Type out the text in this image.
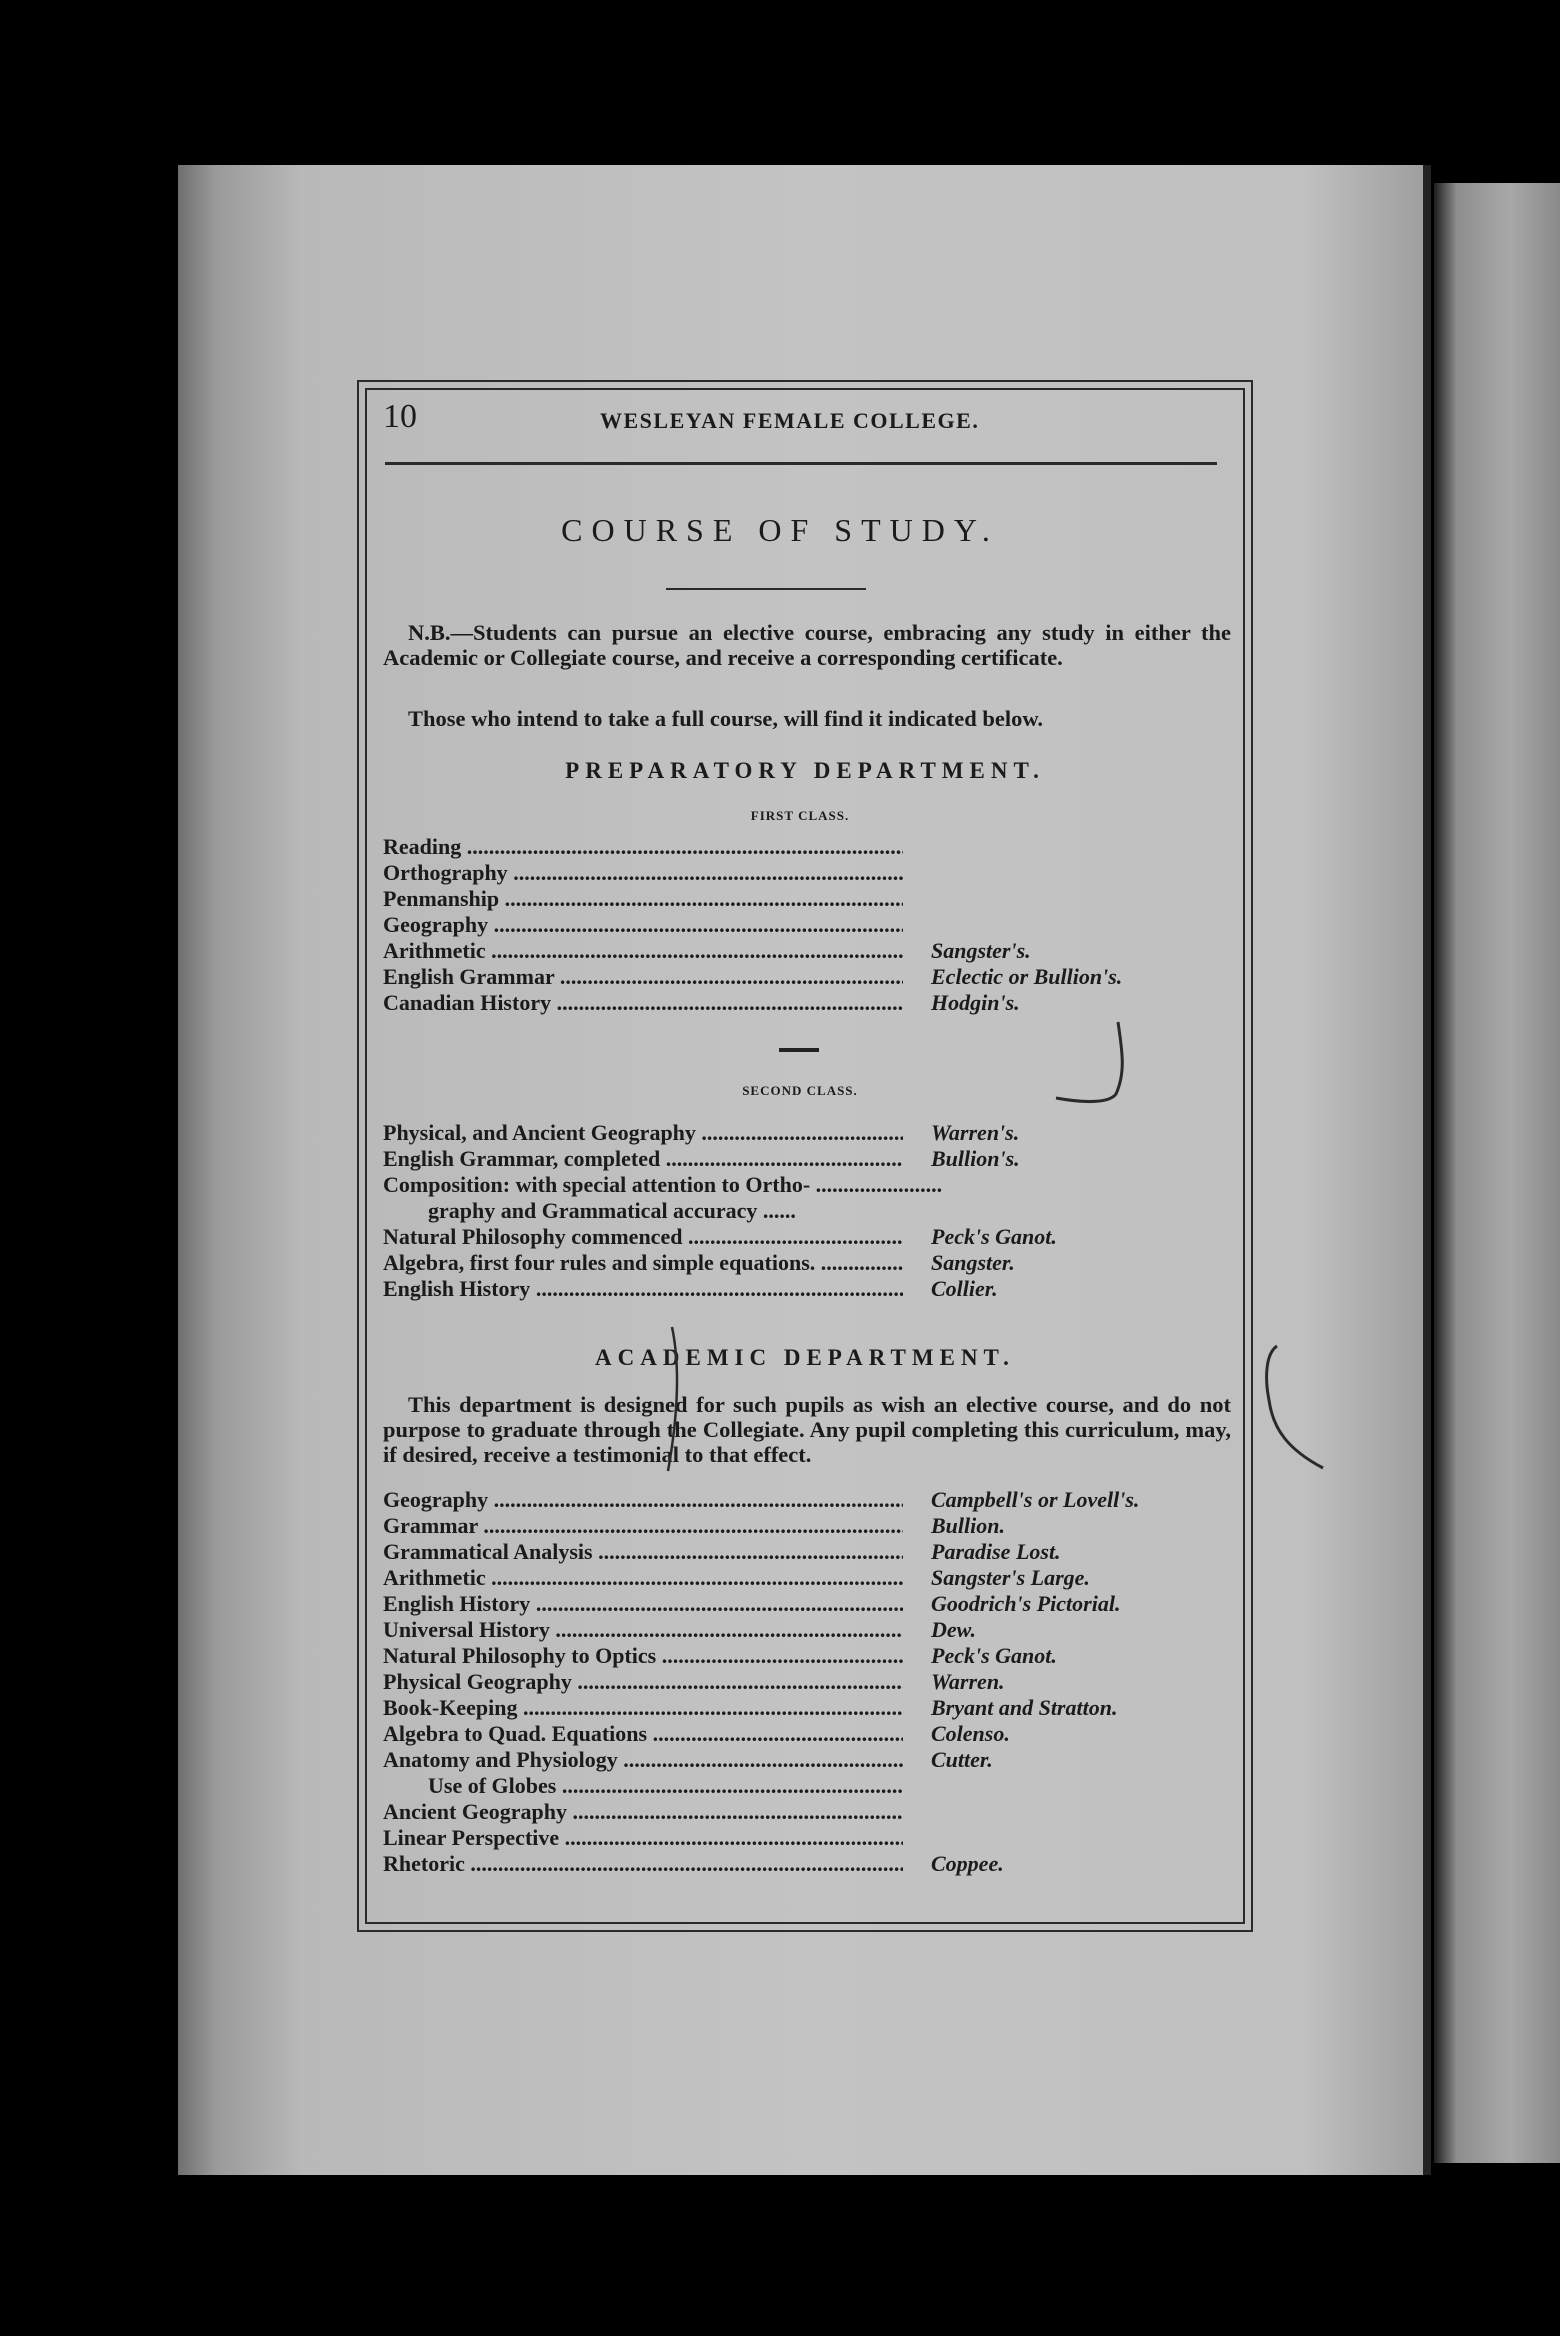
10	WESLEYAN FEMALE COLLEGE.
COURSE OF STUDY.
N.B.—Students can pursue an elective course, embracing any study in either the Academic or Collegiate course, and receive a corresponding certificate.
Those who intend to take a full course, will find it indicated below.
PREPARATORY DEPARTMENT.
FIRST CLASS.
Reading .....
Orthography .....
Penmanship .....
Geography .....
Arithmetic .....	Sangster's.
English Grammar .....	Eclectic or Bullion's.
Canadian History .....	Hodgin's.
SECOND CLASS.
Physical, and Ancient Geography .....	Warren's.
English Grammar, completed .....	Bullion's.
Composition: with special attention to Ortho- .....
graphy and Grammatical accuracy ......
Natural Philosophy commenced .....	Peck's Ganot.
Algebra, first four rules and simple equations. .....	Sangster.
English History .....	Collier.
ACADEMIC DEPARTMENT.
This department is designed for such pupils as wish an elective course, and do not purpose to graduate through the Collegiate. Any pupil completing this curriculum, may, if desired, receive a testimonial to that effect.
Geography .....	Campbell's or Lovell's.
Grammar .....	Bullion.
Grammatical Analysis .....	Paradise Lost.
Arithmetic .....	Sangster's Large.
English History .....	Goodrich's Pictorial.
Universal History .....	Dew.
Natural Philosophy to Optics .....	Peck's Ganot.
Physical Geography .....	Warren.
Book-Keeping .....	Bryant and Stratton.
Algebra to Quad. Equations .....	Colenso.
Anatomy and Physiology .....	Cutter.
Use of Globes .....
Ancient Geography .....
Linear Perspective .....
Rhetoric .....	Coppee.
